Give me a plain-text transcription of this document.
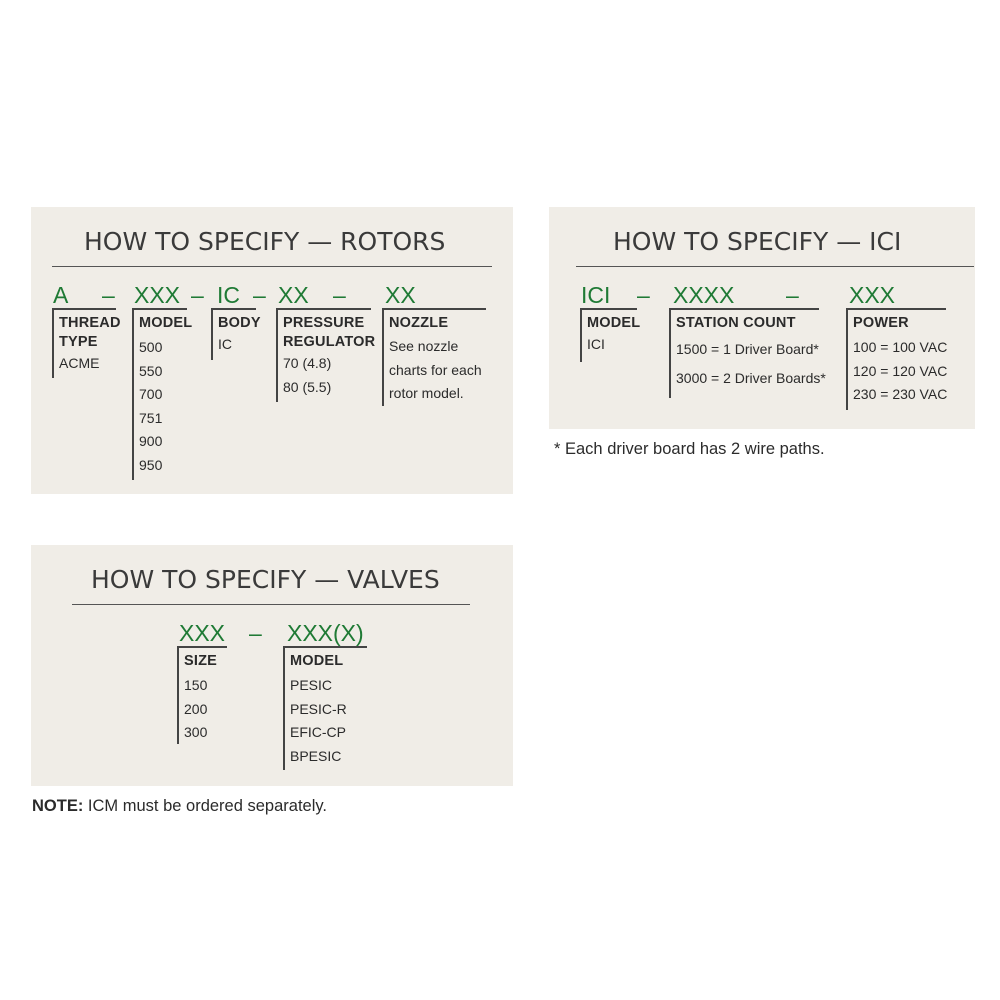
HOW TO SPECIFY — ROTORS
A – XXX – IC – XX – XX
THREAD
TYPE
ACME
MODEL
500
550
700
751
900
950
BODY
IC
PRESSURE
REGULATOR
70 (4.8)
80 (5.5)
NOZZLE
See nozzle
charts for each
rotor model.
HOW TO SPECIFY — ICI
ICI – XXXX – XXX
MODEL
ICI
STATION COUNT
1500 = 1 Driver Board*
3000 = 2 Driver Boards*
POWER
100 = 100 VAC
120 = 120 VAC
230 = 230 VAC
* Each driver board has 2 wire paths.
HOW TO SPECIFY — VALVES
XXX – XXX(X)
SIZE
150
200
300
MODEL
PESIC
PESIC-R
EFIC-CP
BPESIC
NOTE: ICM must be ordered separately.
